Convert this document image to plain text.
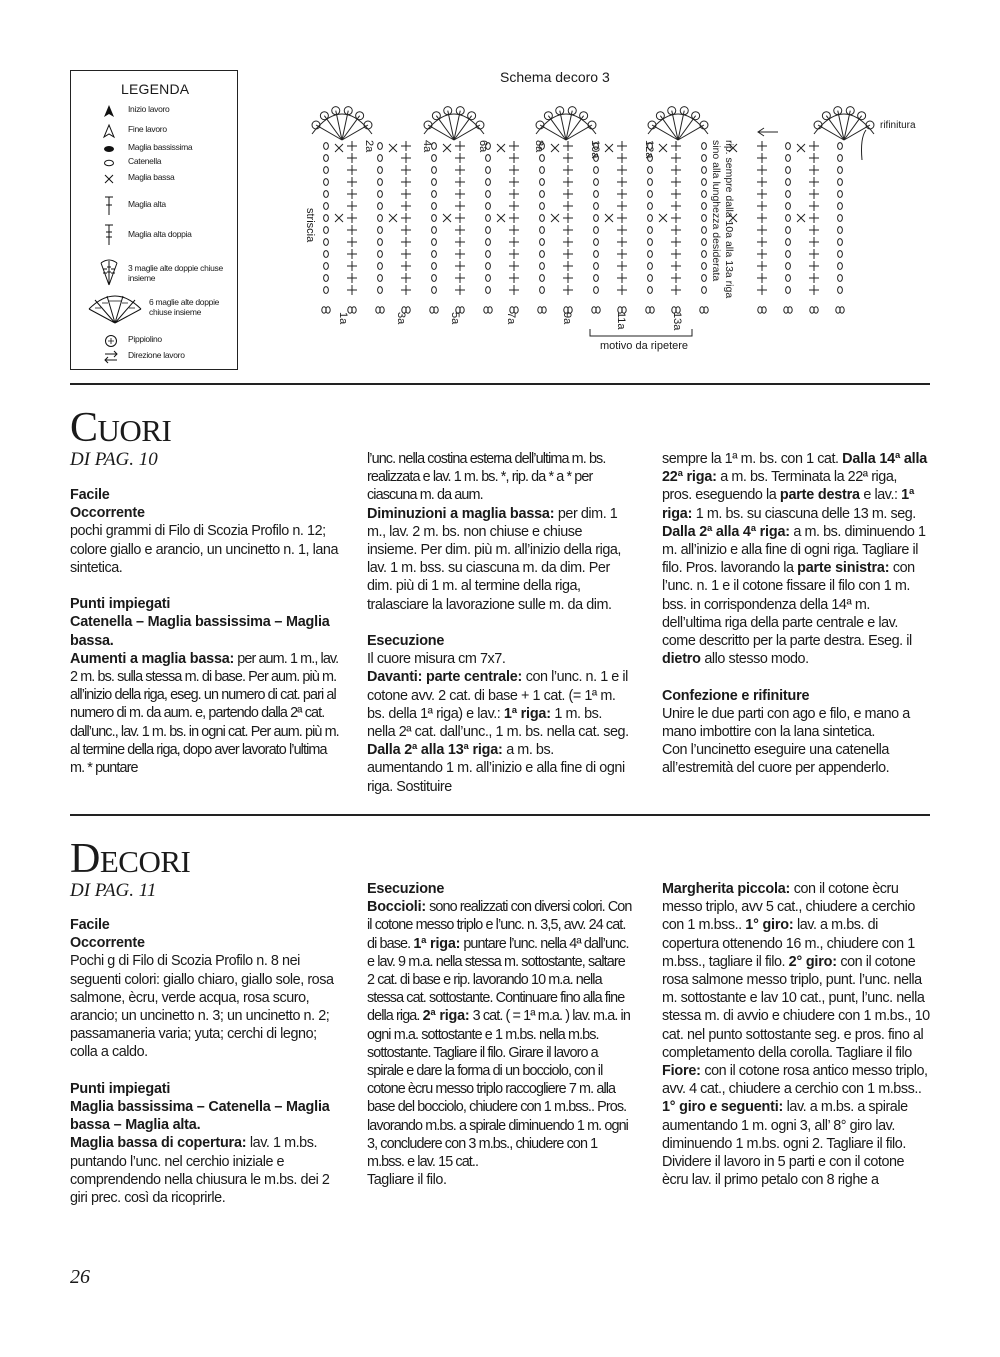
LEGENDA
Inizio lavoro
Fine lavoro
Maglia bassissima
Catenella
Maglia bassa
Maglia alta
Maglia alta doppia
3 maglie alte doppie chiuse insieme
6 maglie alte doppie chiuse insieme
Pippiolino
Direzione lavoro
Schema decoro 3
rifinitura
striscia	rip. sempre dalla 10a alla 13a riga
sino alla lunghezza desiderata
motivo da ripetere
1a	3a	5a	7a	9a	11a	13a
2a	4a	6a	8a	10a	12a
CUORI
DI PAG. 10

Facile

Occorrente

pochi grammi di Filo di Scozia Profilo n. 12; colore giallo e arancio, un uncinetto n. 1, lana sintetica.

Punti impiegati

Catenella – Maglia bassissima – Maglia bassa.

Aumenti a maglia bassa: per aum. 1 m., lav. 2 m. bs. sulla stessa m. di base. Per aum. più m. all’inizio della riga, eseg. un numero di cat. pari al numero di m. da aum. e, partendo dalla 2ª cat. dall’unc., lav. 1 m. bs. in ogni cat. Per aum. più m. al termine della riga, dopo aver lavorato l’ultima m. * puntare

l’unc. nella costina esterna dell’ultima m. bs. realizzata e lav. 1 m. bs. *, rip. da * a * per ciascuna m. da aum.

Diminuzioni a maglia bassa: per dim. 1 m., lav. 2 m. bs. non chiuse e chiuse insieme. Per dim. più m. all’inizio della riga, lav. 1 m. bss. su ciascuna m. da dim. Per dim. più di 1 m. al termine della riga, tralasciare la lavorazione sulle m. da dim.

Esecuzione

Il cuore misura cm 7x7.

Davanti: parte centrale: con l’unc. n. 1 e il cotone avv. 2 cat. di base + 1 cat. (= 1ª m. bs. della 1ª riga) e lav.: 1ª riga: 1 m. bs. nella 2ª cat. dall’unc., 1 m. bs. nella cat. seg. Dalla 2ª alla 13ª riga: a m. bs. aumentando 1 m. all’inizio e alla fine di ogni riga. Sostituire

sempre la 1ª m. bs. con 1 cat. Dalla 14ª alla 22ª riga: a m. bs. Terminata la 22ª riga, pros. eseguendo la parte destra e lav.: 1ª riga: 1 m. bs. su ciascuna delle 13 m. seg. Dalla 2ª alla 4ª riga: a m. bs. diminuendo 1 m. all’inizio e alla fine di ogni riga. Tagliare il filo. Pros. lavorando la parte sinistra: con l’unc. n. 1 e il cotone fissare il filo con 1 m. bss. in corrispondenza della 14ª m. dell’ultima riga della parte centrale e lav. come descritto per la parte destra. Eseg. il dietro allo stesso modo.

Confezione e rifiniture

Unire le due parti con ago e filo, e mano a mano imbottire con la lana sintetica.

Con l’uncinetto eseguire una catenella all’estremità del cuore per appenderlo.

DECORI
DI PAG. 11

Facile

Occorrente

Pochi g di Filo di Scozia Profilo n. 8 nei seguenti colori: giallo chiaro, giallo sole, rosa salmone, ècru, verde acqua, rosa scuro, arancio; un uncinetto n. 3; un uncinetto n. 2; passamaneria varia; yuta; cerchi di legno; colla a caldo.

Punti impiegati

Maglia bassissima – Catenella – Maglia bassa – Maglia alta.

Maglia bassa di copertura: lav. 1 m.bs. puntando l’unc. nel cerchio iniziale e comprendendo nella chiusura le m.bs. dei 2 giri prec. così da ricoprirle.

Esecuzione

Boccioli: sono realizzati con diversi colori. Con il cotone messo triplo e l’unc. n. 3,5, avv. 24 cat. di base. 1ª riga: puntare l’unc. nella 4ª dall’unc. e lav. 9 m.a. nella stessa m. sottostante, saltare 2 cat. di base e rip. lavorando 10 m.a. nella stessa cat. sottostante. Continuare fino alla fine della riga. 2ª riga: 3 cat. ( = 1ª m.a. ) lav. m.a. in ogni m.a. sottostante e 1 m.bs. nella m.bs. sottostante. Tagliare il filo. Girare il lavoro a spirale e dare la forma di un bocciolo, con il cotone ècru messo triplo raccogliere 7 m. alla base del bocciolo, chiudere con 1 m.bss.. Pros. lavorando m.bs. a spirale diminuendo 1 m. ogni 3, concludere con 3 m.bs., chiudere con 1 m.bss. e lav. 15 cat..

Tagliare il filo.

Margherita piccola: con il cotone ècru messo triplo, avv 5 cat., chiudere a cerchio con 1 m.bss.. 1° giro: lav. a m.bs. di copertura ottenendo 16 m., chiudere con 1 m.bss., tagliare il filo. 2° giro: con il cotone rosa salmone messo triplo, punt. l’unc. nella m. sottostante e lav 10 cat., punt, l’unc. nella stessa m. di avvio e chiudere con 1 m.bs., 10 cat. nel punto sottostante seg. e pros. fino al completamento della corolla. Tagliare il filo

Fiore: con il cotone rosa antico messo triplo, avv. 4 cat., chiudere a cerchio con 1 m.bss.. 1° giro e seguenti: lav. a m.bs. a spirale aumentando 1 m. ogni 3, all’ 8° giro lav. diminuendo 1 m.bs. ogni 2. Tagliare il filo. Dividere il lavoro in 5 parti e con il cotone ècru lav. il primo petalo con 8 righe a

26
